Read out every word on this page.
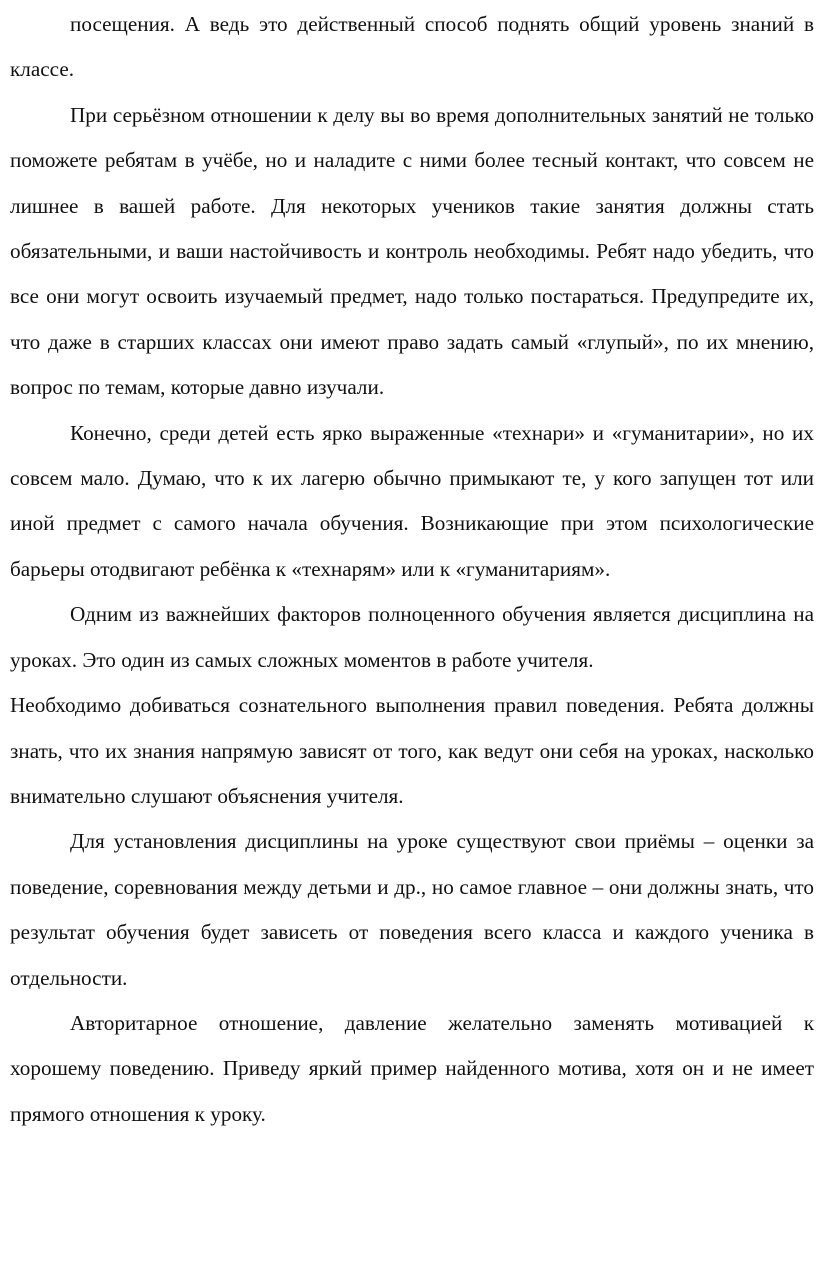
посещения. А ведь это действенный способ поднять общий уровень знаний в классе.

При серьёзном отношении к делу вы во время дополнительных занятий не только поможете ребятам в учёбе, но и наладите с ними более тесный контакт, что совсем не лишнее в вашей работе. Для некоторых учеников такие занятия должны стать обязательными, и ваши настойчивость и контроль необходимы. Ребят надо убедить, что все они могут освоить изучаемый предмет, надо только постараться. Предупредите их, что даже в старших классах они имеют право задать самый «глупый», по их мнению, вопрос по темам, которые давно изучали.

Конечно, среди детей есть ярко выраженные «технари» и «гуманитарии», но их совсем мало. Думаю, что к их лагерю обычно примыкают те, у кого запущен тот или иной предмет с самого начала обучения. Возникающие при этом психологические барьеры отодвигают ребёнка к «технарям» или к «гуманитариям».

Одним из важнейших факторов полноценного обучения является дисциплина на уроках. Это один из самых сложных моментов в работе учителя.

Необходимо добиваться сознательного выполнения правил поведения. Ребята должны знать, что их знания напрямую зависят от того, как ведут они себя на уроках, насколько внимательно слушают объяснения учителя.

Для установления дисциплины на уроке существуют свои приёмы – оценки за поведение, соревнования между детьми и др., но самое главное – они должны знать, что результат обучения будет зависеть от поведения всего класса и каждого ученика в отдельности.

Авторитарное отношение, давление желательно заменять мотивацией к хорошему поведению. Приведу яркий пример найденного мотива, хотя он и не имеет прямого отношения к уроку.
